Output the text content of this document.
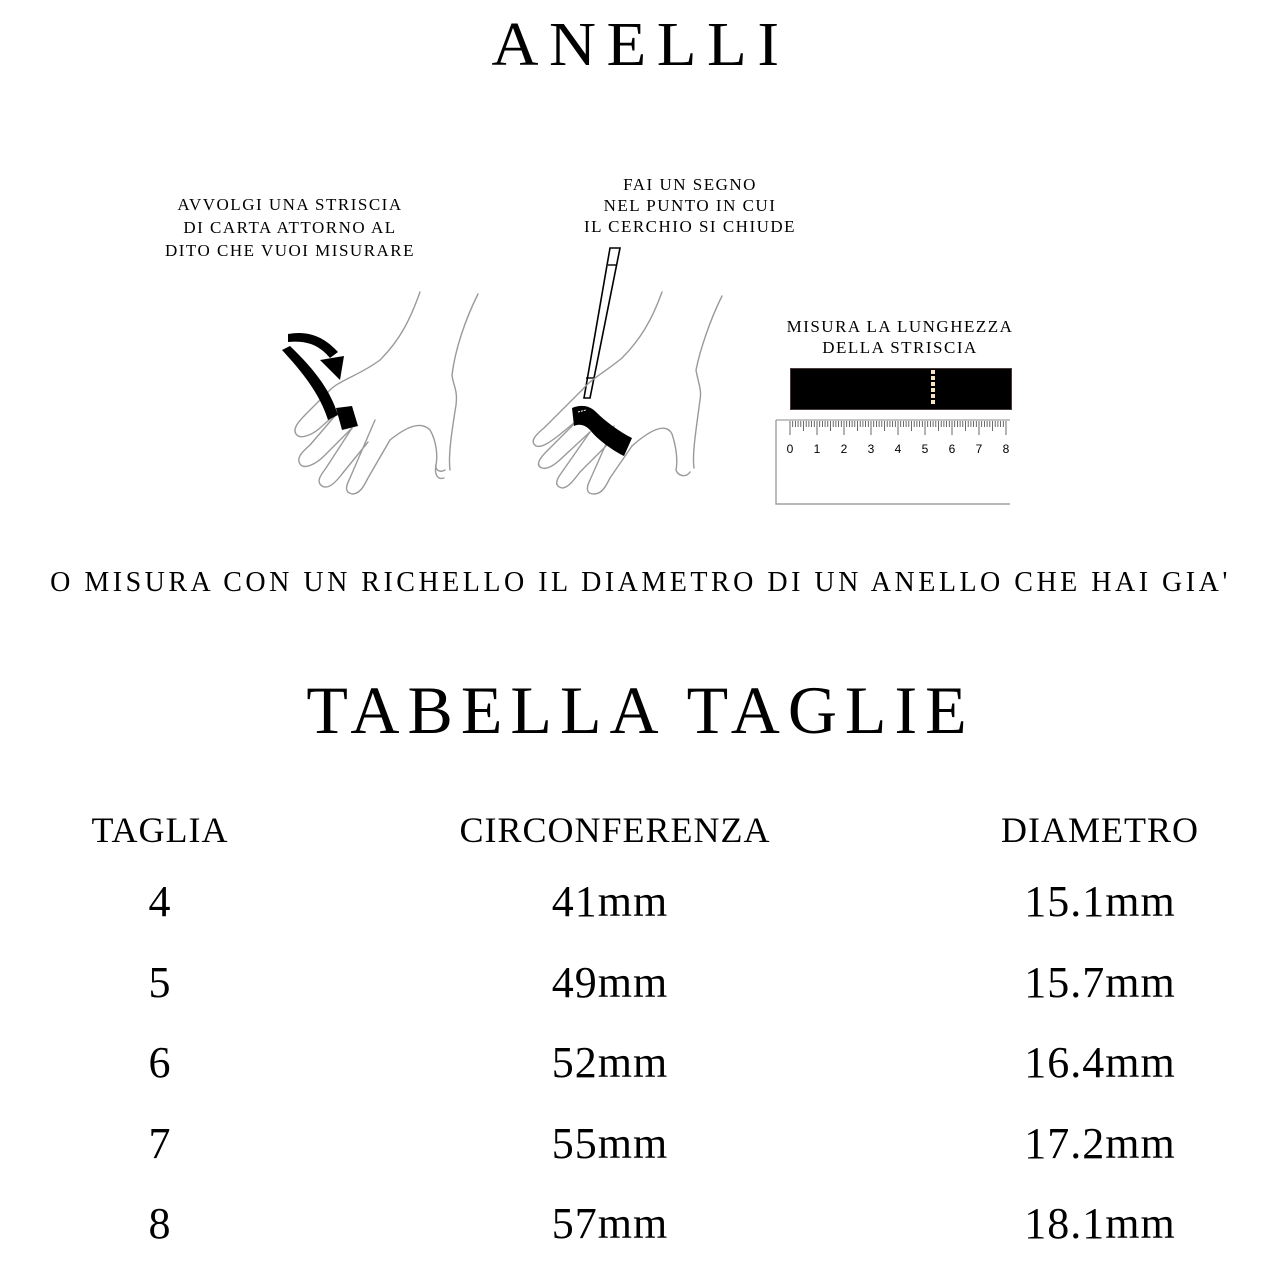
ANELLI
AVVOLGI UNA STRISCIA
DI CARTA ATTORNO AL
DITO CHE VUOI MISURARE
FAI UN SEGNO
NEL PUNTO IN CUI
IL CERCHIO SI CHIUDE
MISURA LA LUNGHEZZA
DELLA STRISCIA
0 1 2 3 4 5 6 7 8
O MISURA CON UN RICHELLO IL DIAMETRO DI UN ANELLO CHE HAI GIA'
TABELLA TAGLIE
TAGLIA	CIRCONFERENZA	DIAMETRO
4	41mm	15.1mm
5	49mm	15.7mm
6	52mm	16.4mm
7	55mm	17.2mm
8	57mm	18.1mm
